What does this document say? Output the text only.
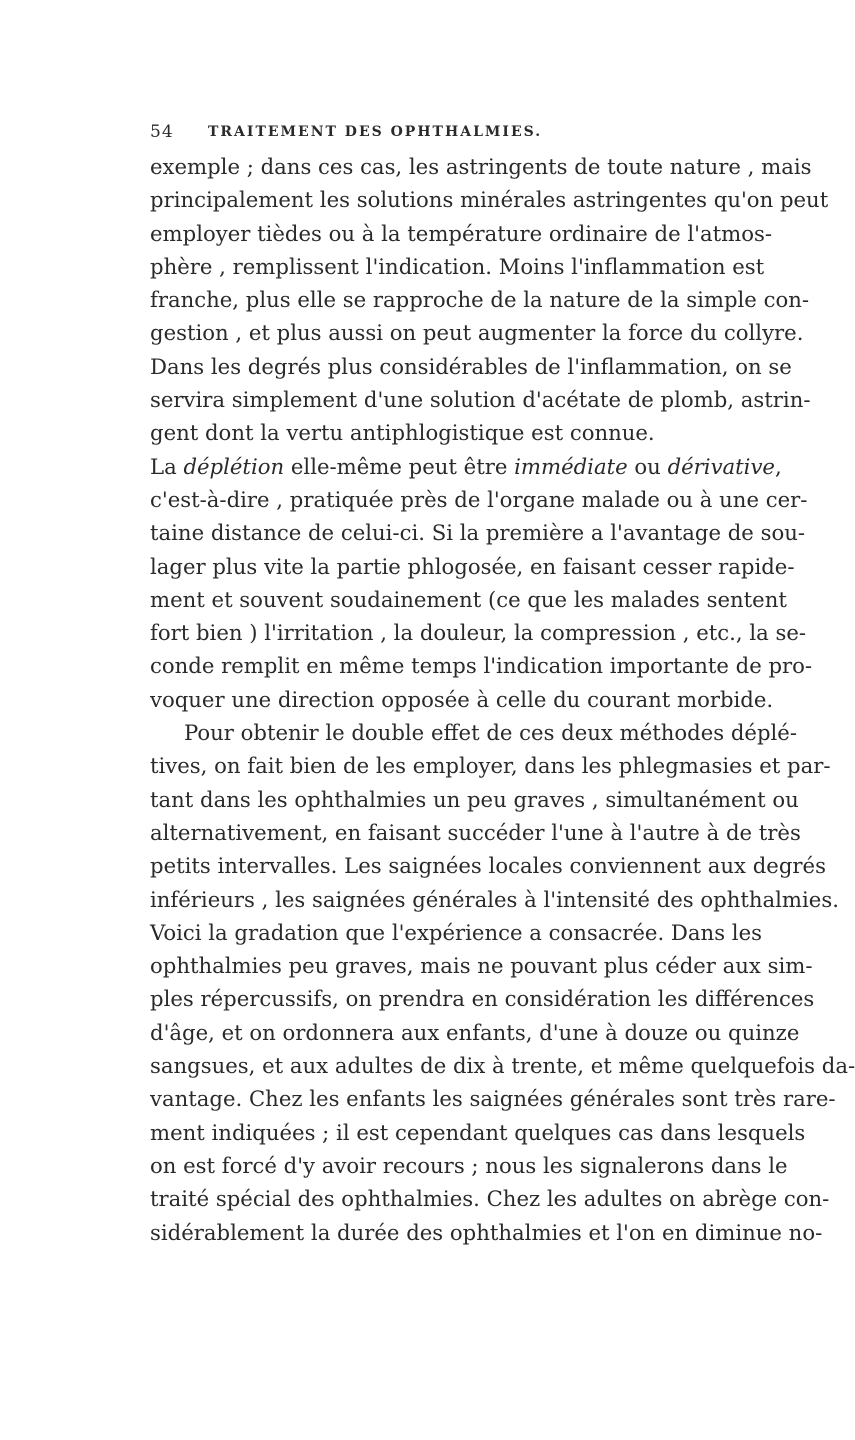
54 TRAITEMENT DES OPHTHALMIES.
exemple ; dans ces cas, les astringents de toute nature , mais
principalement les solutions minérales astringentes qu'on peut
employer tièdes ou à la température ordinaire de l'atmos-
phère , remplissent l'indication. Moins l'inflammation est
franche, plus elle se rapproche de la nature de la simple con-
gestion , et plus aussi on peut augmenter la force du collyre.
Dans les degrés plus considérables de l'inflammation, on se
servira simplement d'une solution d'acétate de plomb, astrin-
gent dont la vertu antiphlogistique est connue.
La déplétion elle-même peut être immédiate ou dérivative,
c'est-à-dire , pratiquée près de l'organe malade ou à une cer-
taine distance de celui-ci. Si la première a l'avantage de sou-
lager plus vite la partie phlogosée, en faisant cesser rapide-
ment et souvent soudainement (ce que les malades sentent
fort bien ) l'irritation , la douleur, la compression , etc., la se-
conde remplit en même temps l'indication importante de pro-
voquer une direction opposée à celle du courant morbide.
Pour obtenir le double effet de ces deux méthodes déplé-
tives, on fait bien de les employer, dans les phlegmasies et par-
tant dans les ophthalmies un peu graves , simultanément ou
alternativement, en faisant succéder l'une à l'autre à de très
petits intervalles. Les saignées locales conviennent aux degrés
inférieurs , les saignées générales à l'intensité des ophthalmies.
Voici la gradation que l'expérience a consacrée. Dans les
ophthalmies peu graves, mais ne pouvant plus céder aux sim-
ples répercussifs, on prendra en considération les différences
d'âge, et on ordonnera aux enfants, d'une à douze ou quinze
sangsues, et aux adultes de dix à trente, et même quelquefois da-
vantage. Chez les enfants les saignées générales sont très rare-
ment indiquées ; il est cependant quelques cas dans lesquels
on est forcé d'y avoir recours ; nous les signalerons dans le
traité spécial des ophthalmies. Chez les adultes on abrège con-
sidérablement la durée des ophthalmies et l'on en diminue no-
